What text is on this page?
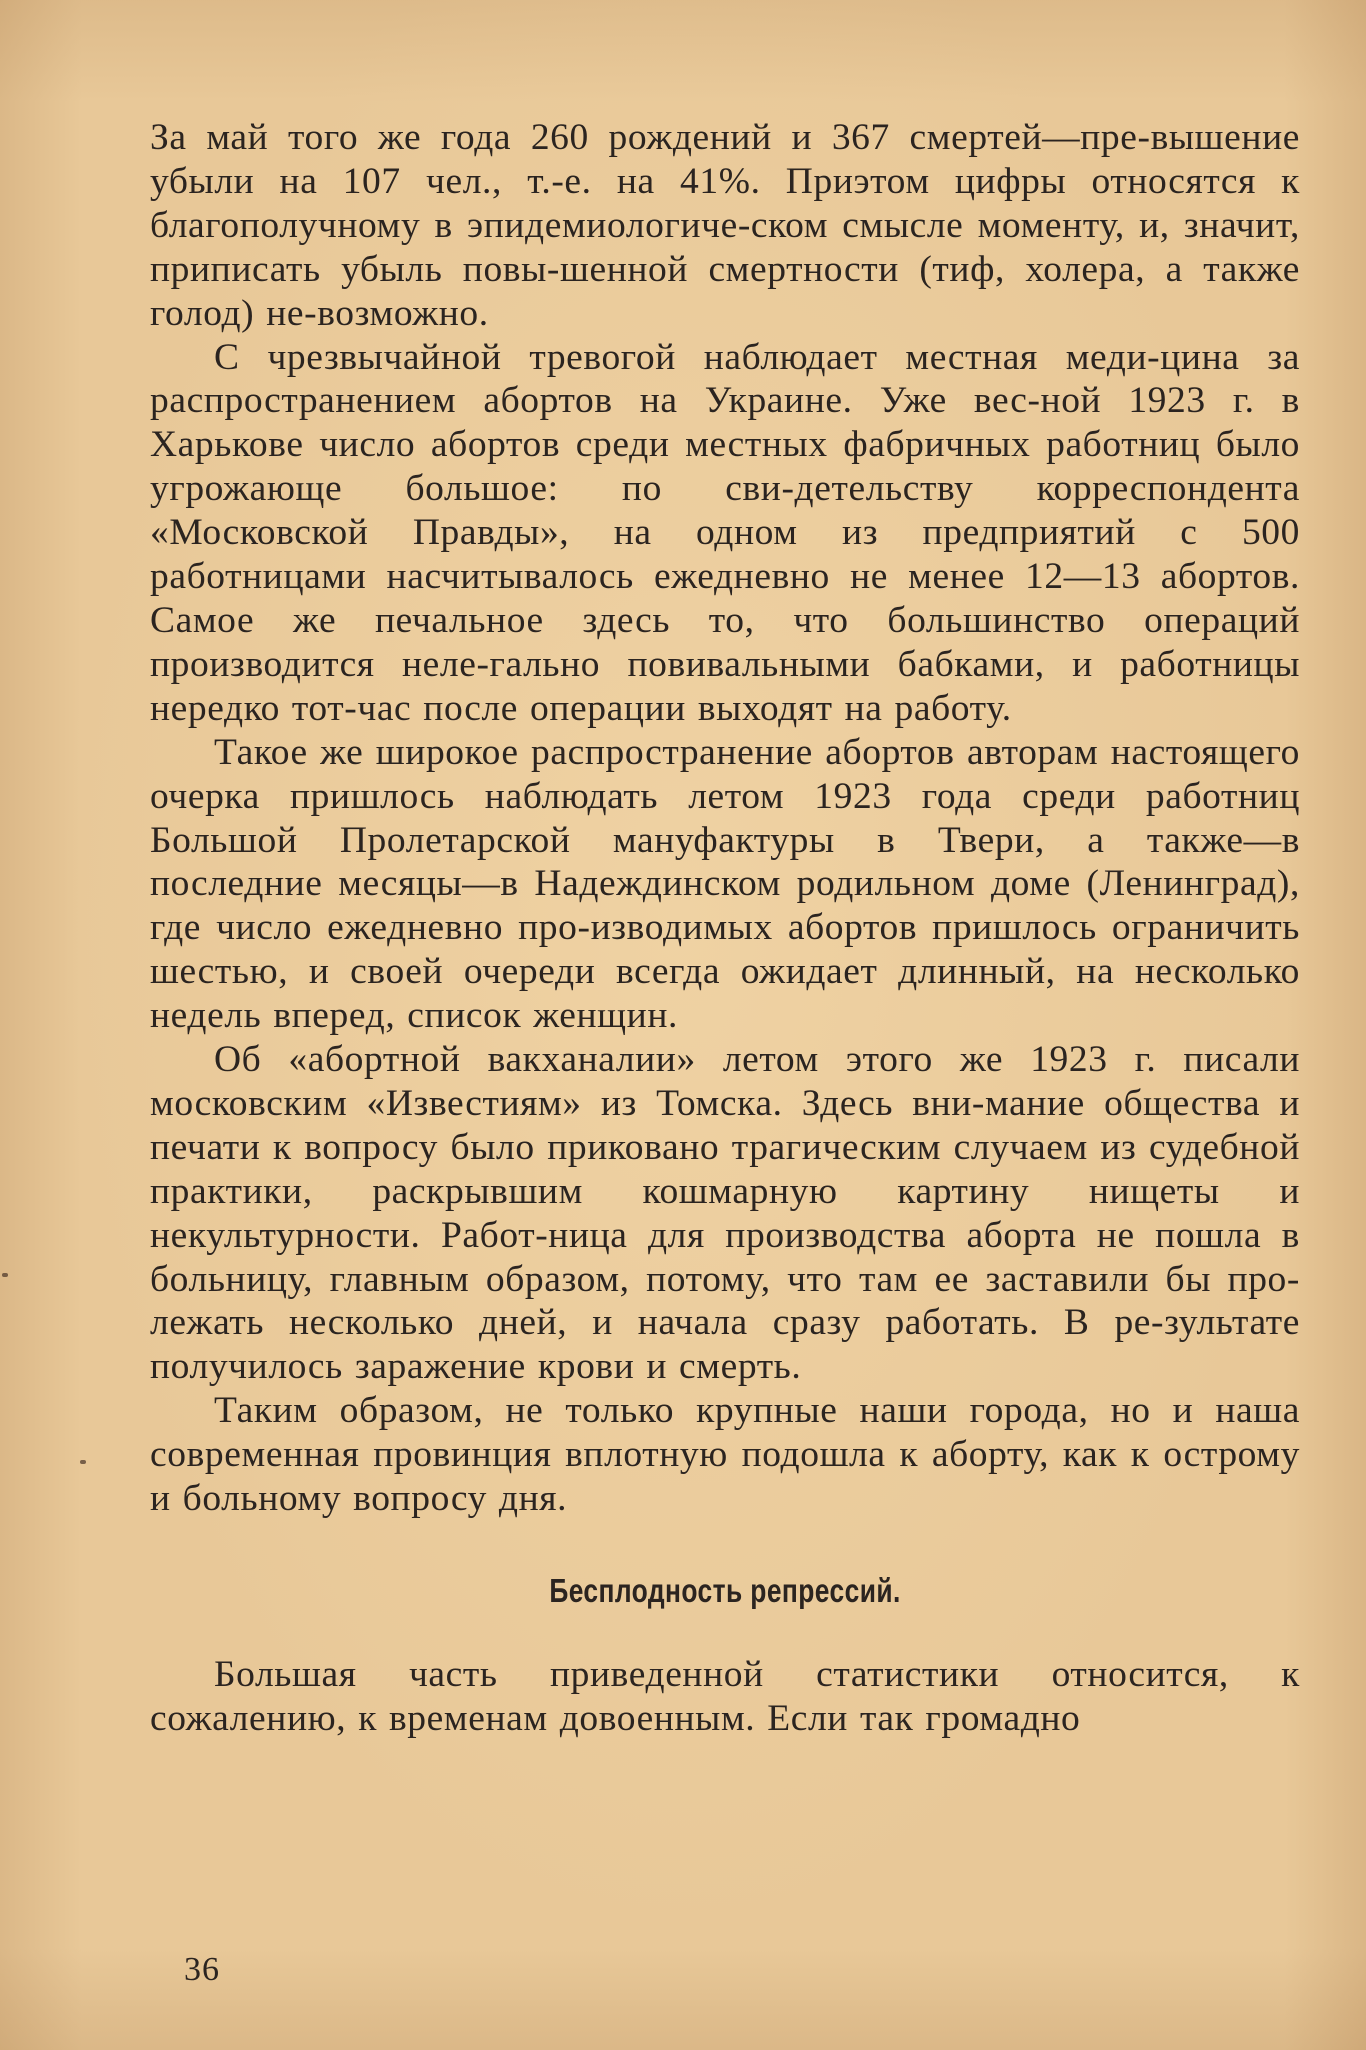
За май того же года 260 рождений и 367 смертей—пре-вышение убыли на 107 чел., т.-е. на 41%. Приэтом цифры относятся к благополучному в эпидемиологиче-ском смысле моменту, и, значит, приписать убыль повы-шенной смертности (тиф, холера, а также голод) не-возможно.

С чрезвычайной тревогой наблюдает местная меди-цина за распространением абортов на Украине. Уже вес-ной 1923 г. в Харькове число абортов среди местных фабричных работниц было угрожающе большое: по сви-детельству корреспондента «Московской Правды», на одном из предприятий с 500 работницами насчитывалось ежедневно не менее 12—13 абортов. Самое же печальное здесь то, что большинство операций производится неле-гально повивальными бабками, и работницы нередко тот-час после операции выходят на работу.

Такое же широкое распространение абортов авторам настоящего очерка пришлось наблюдать летом 1923 года среди работниц Большой Пролетарской мануфактуры в Твери, а также—в последние месяцы—в Надеждинском родильном доме (Ленинград), где число ежедневно про-изводимых абортов пришлось ограничить шестью, и своей очереди всегда ожидает длинный, на несколько недель вперед, список женщин.

Об «абортной вакханалии» летом этого же 1923 г. писали московским «Известиям» из Томска. Здесь вни-мание общества и печати к вопросу было приковано трагическим случаем из судебной практики, раскрывшим кошмарную картину нищеты и некультурности. Работ-ница для производства аборта не пошла в больницу, главным образом, потому, что там ее заставили бы про-лежать несколько дней, и начала сразу работать. В ре-зультате получилось заражение крови и смерть.

Таким образом, не только крупные наши города, но и наша современная провинция вплотную подошла к аборту, как к острому и больному вопросу дня.

Бесплодность репрессий.

Большая часть приведенной статистики относится, к сожалению, к временам довоенным. Если так громадно

36
